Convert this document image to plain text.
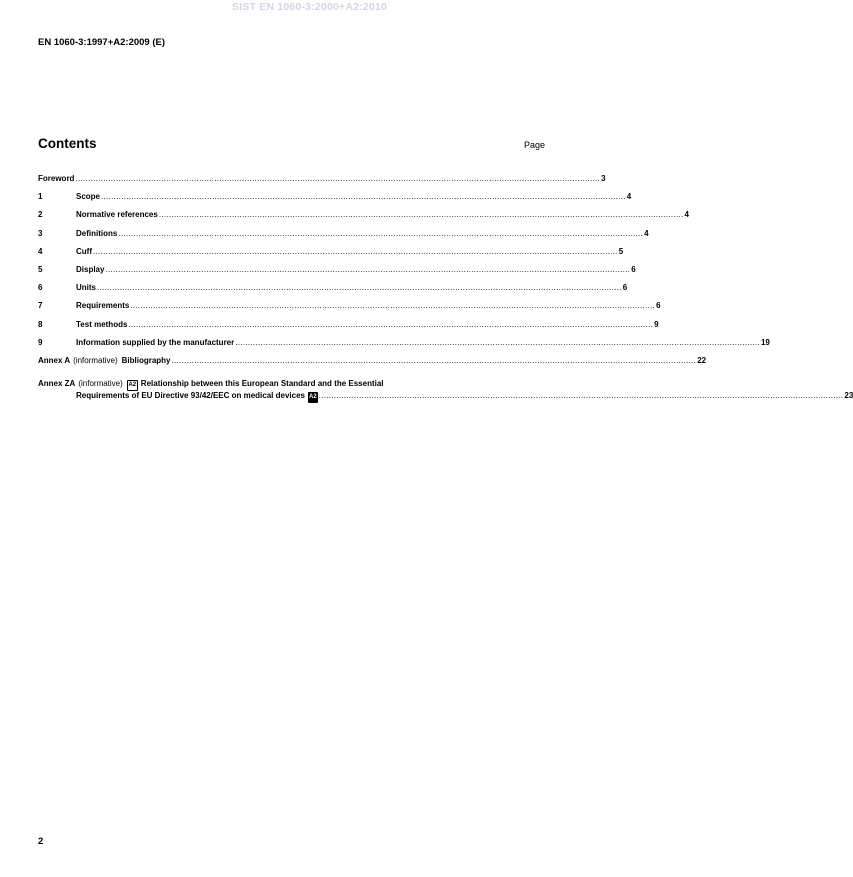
SIST EN 1060-3:2000+A2:2010
EN 1060-3:1997+A2:2009 (E)
Contents	Page
Foreword ................................................................................................................................................................................................................ 3
1	Scope ................................................................................................................................................................................................................ 4
2	Normative references ................................................................................................................................................................................................................ 4
3	Definitions ................................................................................................................................................................................................................ 4
4	Cuff ................................................................................................................................................................................................................ 5
5	Display ................................................................................................................................................................................................................ 6
6	Units ................................................................................................................................................................................................................ 6
7	Requirements ................................................................................................................................................................................................................ 6
8	Test methods ................................................................................................................................................................................................................ 9
9	Information supplied by the manufacturer ................................................................................................................................................................................................................ 19
Annex A (informative) Bibliography ................................................................................................................................................................................................................ 22
Annex ZA (informative) A2 Relationship between this European Standard and the Essential
Requirements of EU Directive 93/42/EEC on medical devices A2 ................................................................................................................................................................................................................ 23
2
